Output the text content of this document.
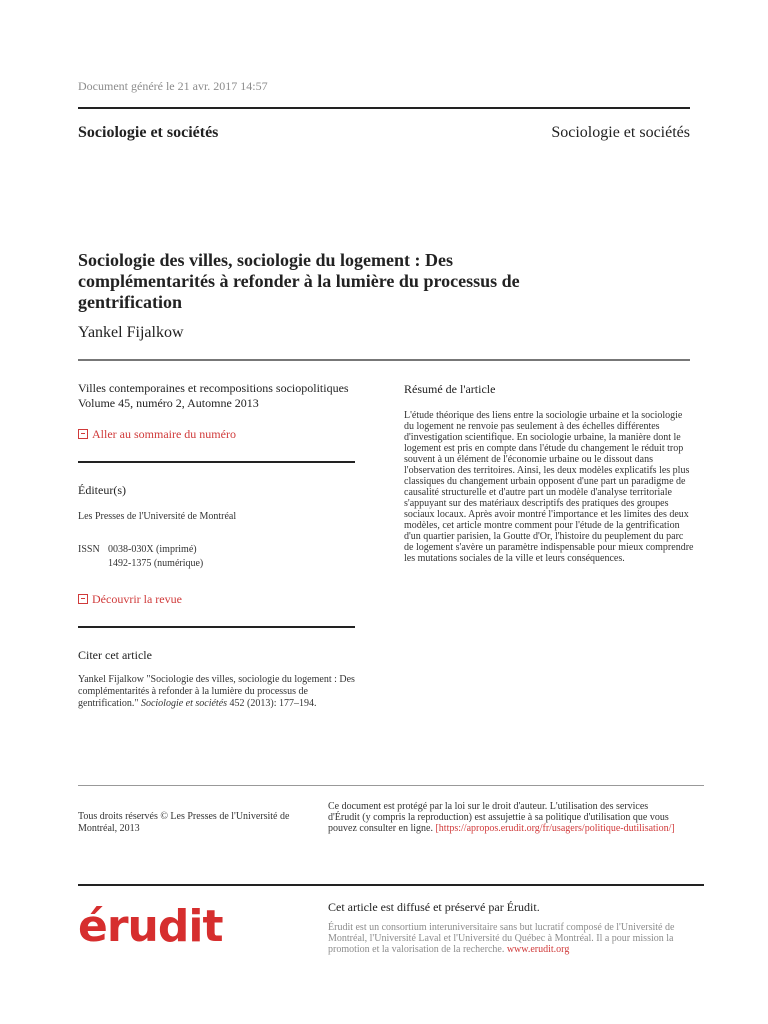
Document généré le 21 avr. 2017 14:57
Sociologie et sociétés	Sociologie et sociétés
Sociologie des villes, sociologie du logement : Des complémentarités à refonder à la lumière du processus de gentrification
Yankel Fijalkow
Villes contemporaines et recompositions sociopolitiques Volume 45, numéro 2, Automne 2013
Aller au sommaire du numéro
Éditeur(s)
Les Presses de l'Université de Montréal
ISSN 0038-030X (imprimé)
1492-1375 (numérique)
Découvrir la revue
Citer cet article
Yankel Fijalkow "Sociologie des villes, sociologie du logement : Des complémentarités à refonder à la lumière du processus de gentrification." Sociologie et sociétés 452 (2013): 177–194.
Résumé de l'article
L'étude théorique des liens entre la sociologie urbaine et la sociologie du logement ne renvoie pas seulement à des échelles différentes d'investigation scientifique. En sociologie urbaine, la manière dont le logement est pris en compte dans l'étude du changement le réduit trop souvent à un élément de l'économie urbaine ou le dissout dans l'observation des territoires. Ainsi, les deux modèles explicatifs les plus classiques du changement urbain opposent d'une part un paradigme de causalité structurelle et d'autre part un modèle d'analyse territoriale s'appuyant sur des matériaux descriptifs des pratiques des groupes sociaux locaux. Après avoir montré l'importance et les limites des deux modèles, cet article montre comment pour l'étude de la gentrification d'un quartier parisien, la Goutte d'Or, l'histoire du peuplement du parc de logement s'avère un paramètre indispensable pour mieux comprendre les mutations sociales de la ville et leurs conséquences.
Tous droits réservés © Les Presses de l'Université de Montréal, 2013
Ce document est protégé par la loi sur le droit d'auteur. L'utilisation des services d'Érudit (y compris la reproduction) est assujettie à sa politique d'utilisation que vous pouvez consulter en ligne. [https://apropos.erudit.org/fr/usagers/politique-dutilisation/]
érudit	Cet article est diffusé et préservé par Érudit.
Érudit est un consortium interuniversitaire sans but lucratif composé de l'Université de Montréal, l'Université Laval et l'Université du Québec à Montréal. Il a pour mission la promotion et la valorisation de la recherche. www.erudit.org
